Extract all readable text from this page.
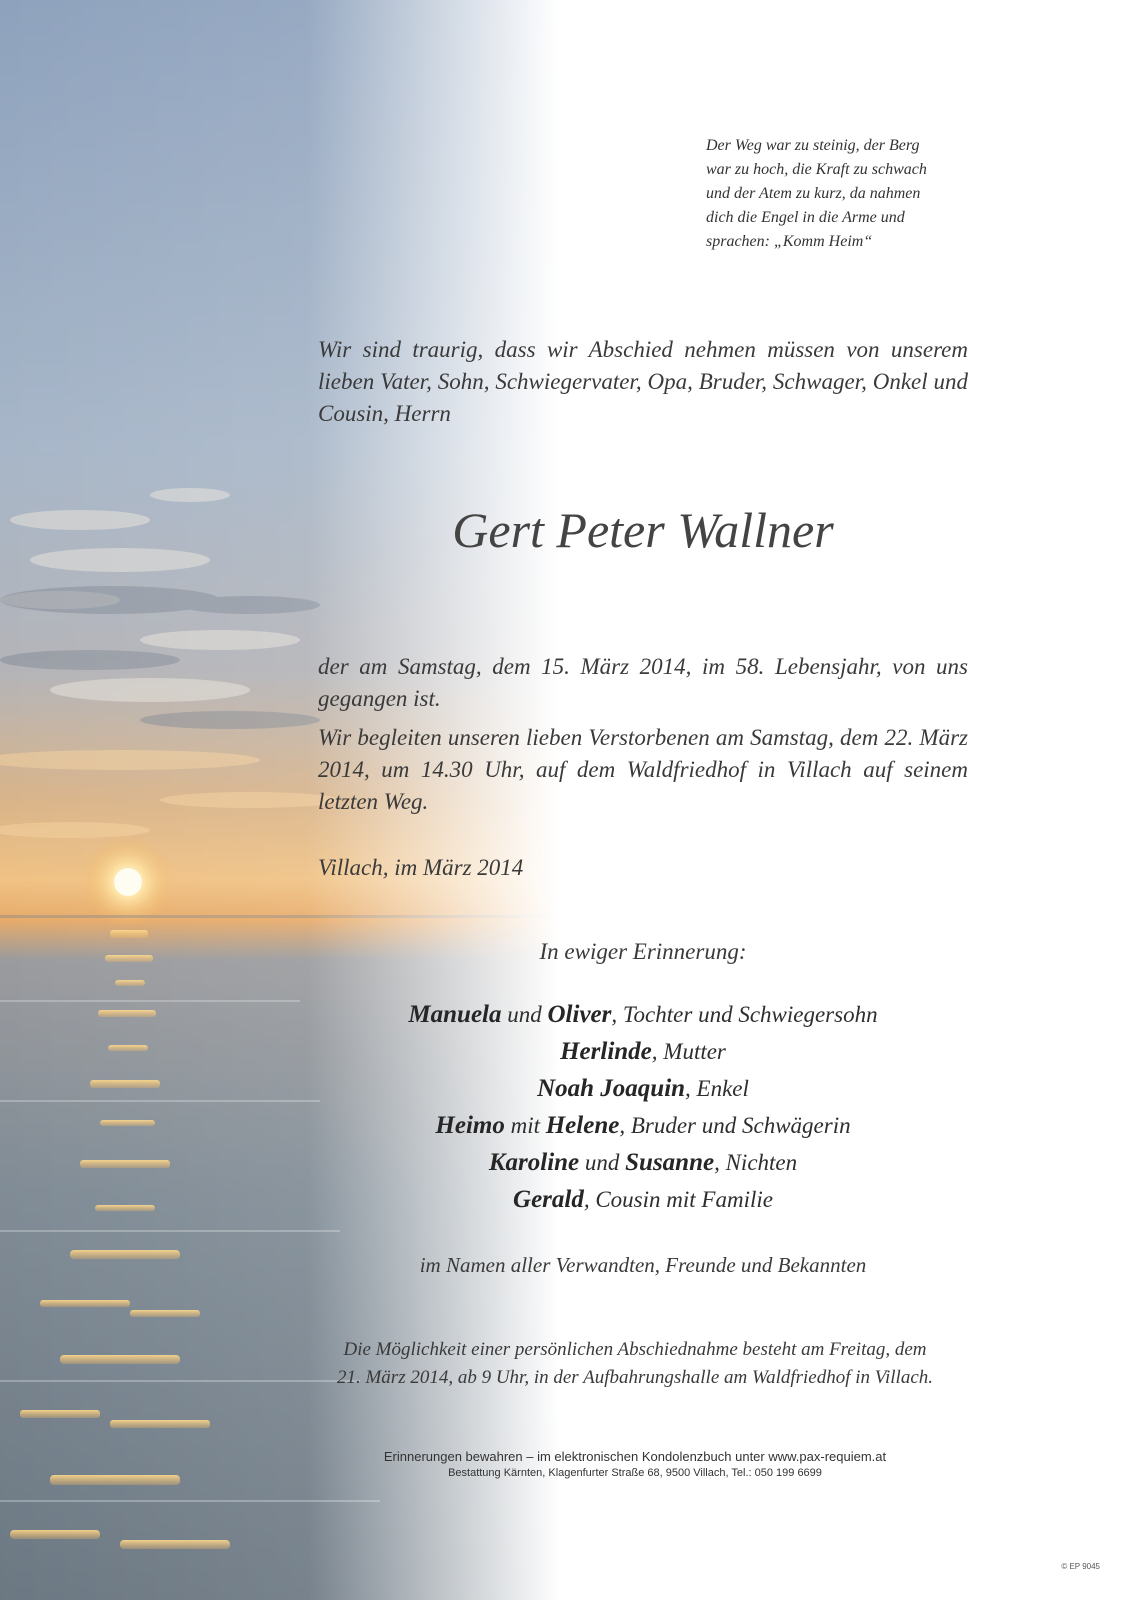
Der Weg war zu steinig, der Berg
war zu hoch, die Kraft zu schwach
und der Atem zu kurz, da nahmen
dich die Engel in die Arme und
sprachen: „Komm Heim“
Wir sind traurig, dass wir Abschied nehmen müssen von unserem lieben Vater, Sohn, Schwiegervater, Opa, Bruder, Schwager, Onkel und Cousin, Herrn
Gert Peter Wallner
der am Samstag, dem 15. März 2014, im 58. Lebensjahr, von uns gegangen ist.
Wir begleiten unseren lieben Verstorbenen am Samstag, dem 22. März 2014, um 14.30 Uhr, auf dem Waldfriedhof in Villach auf seinem letzten Weg.
Villach, im März 2014
In ewiger Erinnerung:
Manuela und Oliver, Tochter und Schwiegersohn
Herlinde, Mutter
Noah Joaquin, Enkel
Heimo mit Helene, Bruder und Schwägerin
Karoline und Susanne, Nichten
Gerald, Cousin mit Familie
im Namen aller Verwandten, Freunde und Bekannten
Die Möglichkeit einer persönlichen Abschiednahme besteht am Freitag, dem
21. März 2014, ab 9 Uhr, in der Aufbahrungshalle am Waldfriedhof in Villach.
Erinnerungen bewahren – im elektronischen Kondolenzbuch unter www.pax-requiem.at
Bestattung Kärnten, Klagenfurter Straße 68, 9500 Villach, Tel.: 050 199 6699
© EP 9045
